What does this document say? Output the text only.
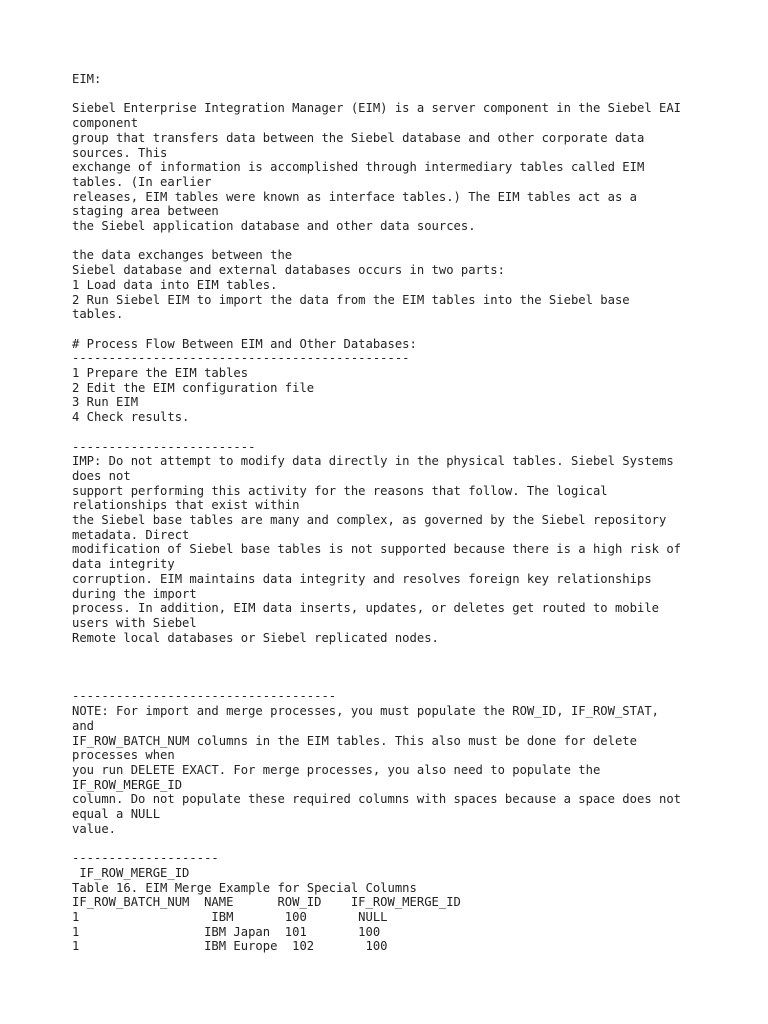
EIM:
Siebel Enterprise Integration Manager (EIM) is a server component in the Siebel EAI
component
group that transfers data between the Siebel database and other corporate data
sources. This
exchange of information is accomplished through intermediary tables called EIM
tables. (In earlier
releases, EIM tables were known as interface tables.) The EIM tables act as a
staging area between
the Siebel application database and other data sources.
the data exchanges between the
Siebel database and external databases occurs in two parts:
1 Load data into EIM tables.
2 Run Siebel EIM to import the data from the EIM tables into the Siebel base
tables.
# Process Flow Between EIM and Other Databases:
----------------------------------------------
1 Prepare the EIM tables
2 Edit the EIM configuration file
3 Run EIM
4 Check results.
-------------------------
IMP: Do not attempt to modify data directly in the physical tables. Siebel Systems
does not
support performing this activity for the reasons that follow. The logical
relationships that exist within
the Siebel base tables are many and complex, as governed by the Siebel repository
metadata. Direct
modification of Siebel base tables is not supported because there is a high risk of
data integrity
corruption. EIM maintains data integrity and resolves foreign key relationships
during the import
process. In addition, EIM data inserts, updates, or deletes get routed to mobile
users with Siebel
Remote local databases or Siebel replicated nodes.
------------------------------------
NOTE: For import and merge processes, you must populate the ROW_ID, IF_ROW_STAT,
and
IF_ROW_BATCH_NUM columns in the EIM tables. This also must be done for delete
processes when
you run DELETE EXACT. For merge processes, you also need to populate the
IF_ROW_MERGE_ID
column. Do not populate these required columns with spaces because a space does not
equal a NULL
value.
--------------------
IF_ROW_MERGE_ID
Table 16. EIM Merge Example for Special Columns
IF_ROW_BATCH_NUM  NAME      ROW_ID    IF_ROW_MERGE_ID
1                  IBM       100       NULL
1                 IBM Japan  101       100
1                 IBM Europe  102       100
